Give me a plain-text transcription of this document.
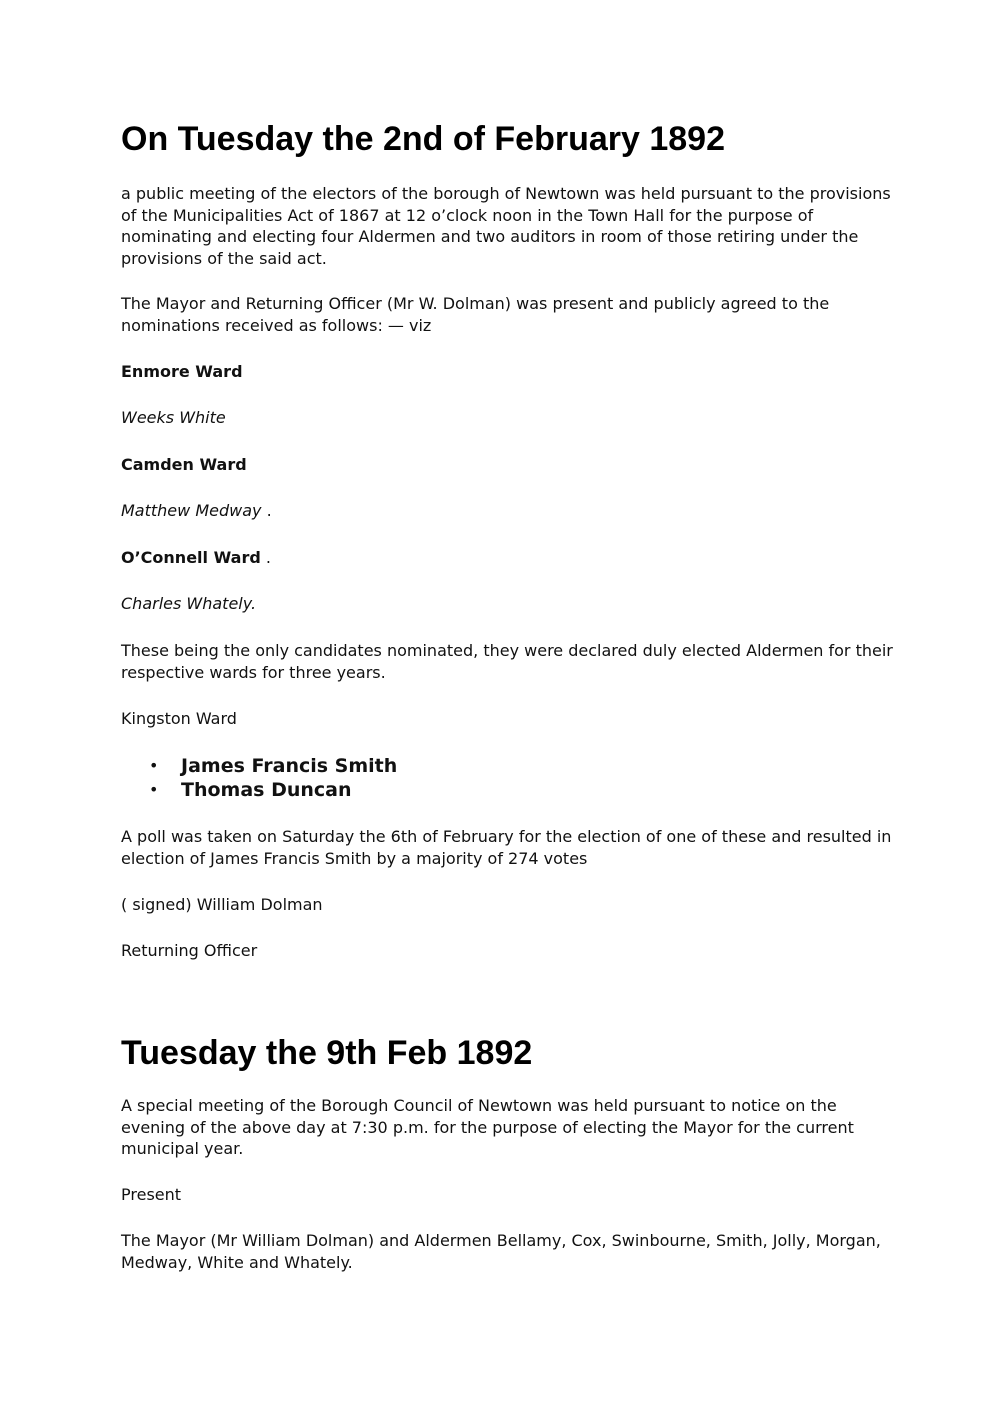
On Tuesday the 2nd of February 1892

a public meeting of the electors of the borough of Newtown was held pursuant to the provisions of the Municipalities Act of 1867 at 12 o’clock noon in the Town Hall for the purpose of nominating and electing four Aldermen and two auditors in room of those retiring under the provisions of the said act.

The Mayor and Returning Officer (Mr W. Dolman) was present and publicly agreed to the nominations received as follows: — viz

Enmore Ward

Weeks White

Camden Ward

Matthew Medway .

O’Connell Ward .

Charles Whately.

These being the only candidates nominated, they were declared duly elected Aldermen for their respective wards for three years.

Kingston Ward

• James Francis Smith
• Thomas Duncan

A poll was taken on Saturday the 6th of February for the election of one of these and resulted in election of James Francis Smith by a majority of 274 votes

( signed) William Dolman

Returning Officer

Tuesday the 9th Feb 1892

A special meeting of the Borough Council of Newtown was held pursuant to notice on the evening of the above day at 7:30 p.m. for the purpose of electing the Mayor for the current municipal year.

Present

The Mayor (Mr William Dolman) and Aldermen Bellamy, Cox, Swinbourne, Smith, Jolly, Morgan, Medway, White and Whately.
